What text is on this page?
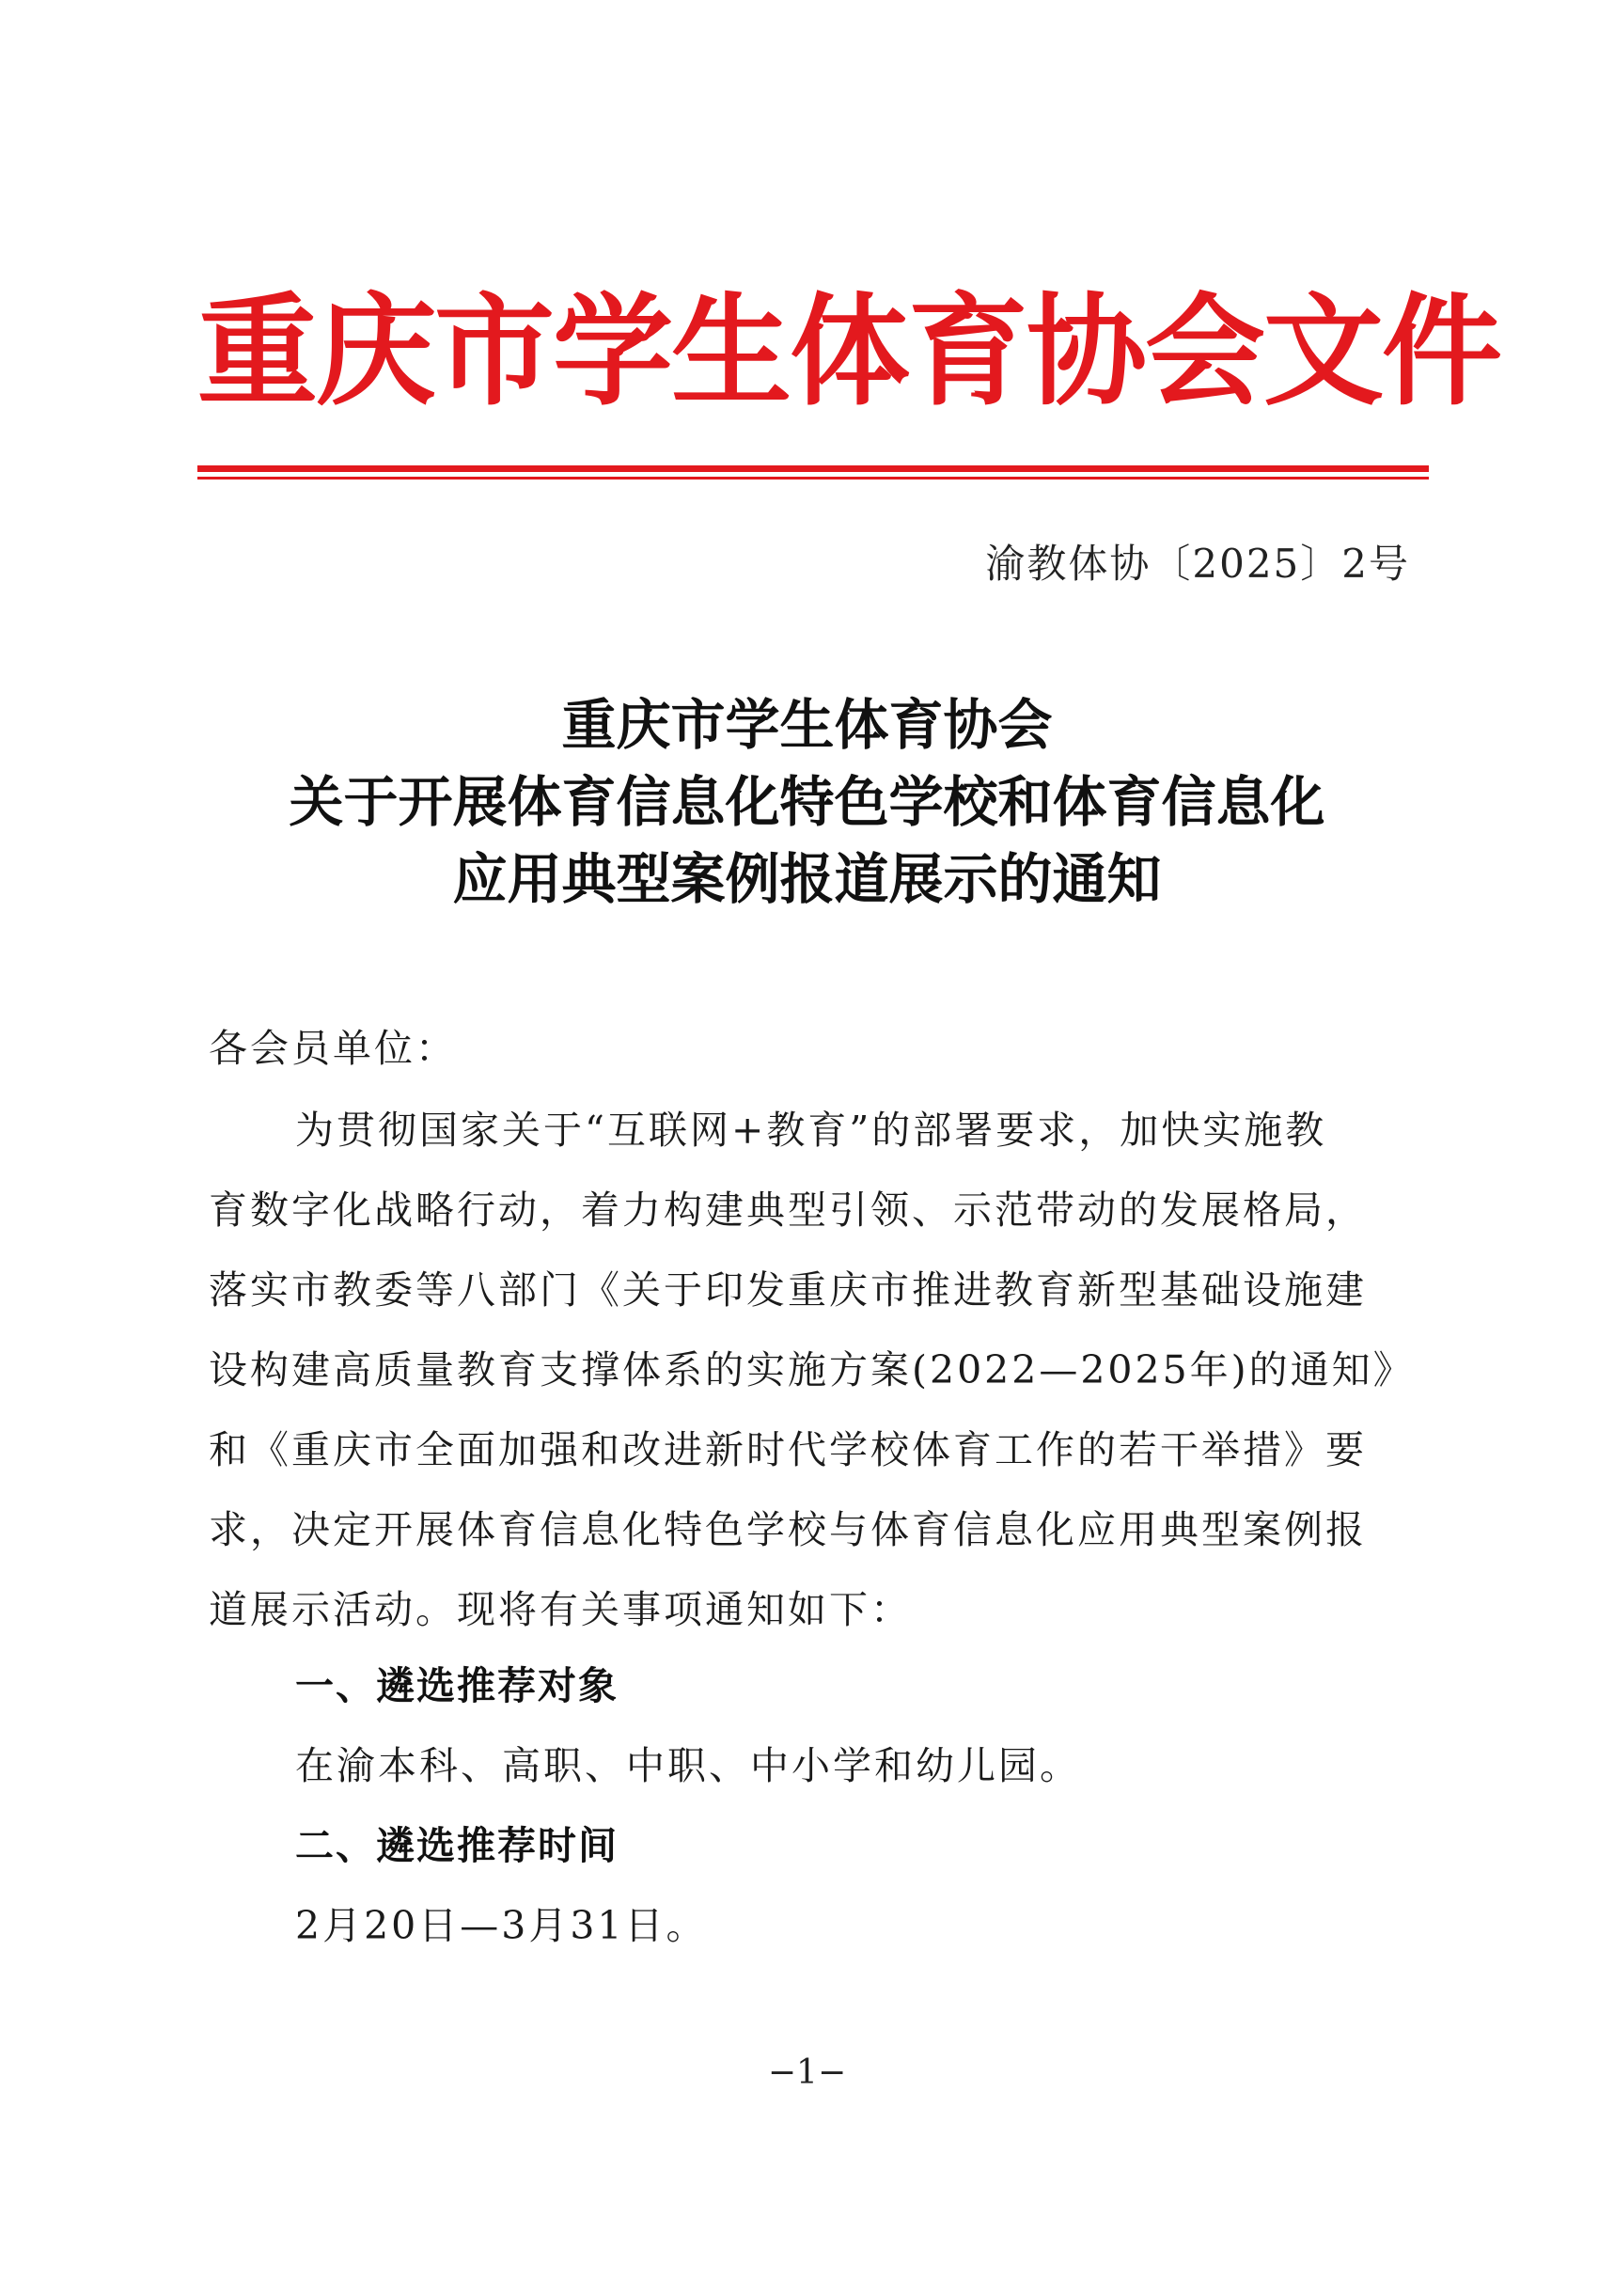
重庆市学生体育协会文件
渝教体协〔2025〕2号
重庆市学生体育协会
关于开展体育信息化特色学校和体育信息化
应用典型案例报道展示的通知
各会员单位：
为贯彻国家关于“互联网+教育”的部署要求，加快实施教
育数字化战略行动，着力构建典型引领、示范带动的发展格局，
落实市教委等八部门《关于印发重庆市推进教育新型基础设施建
设构建高质量教育支撑体系的实施方案(2022—2025年)的通知》
和《重庆市全面加强和改进新时代学校体育工作的若干举措》要
求，决定开展体育信息化特色学校与体育信息化应用典型案例报
道展示活动。现将有关事项通知如下：
一、遴选推荐对象
在渝本科、高职、中职、中小学和幼儿园。
二、遴选推荐时间
2月20日—3月31日。
−1−
